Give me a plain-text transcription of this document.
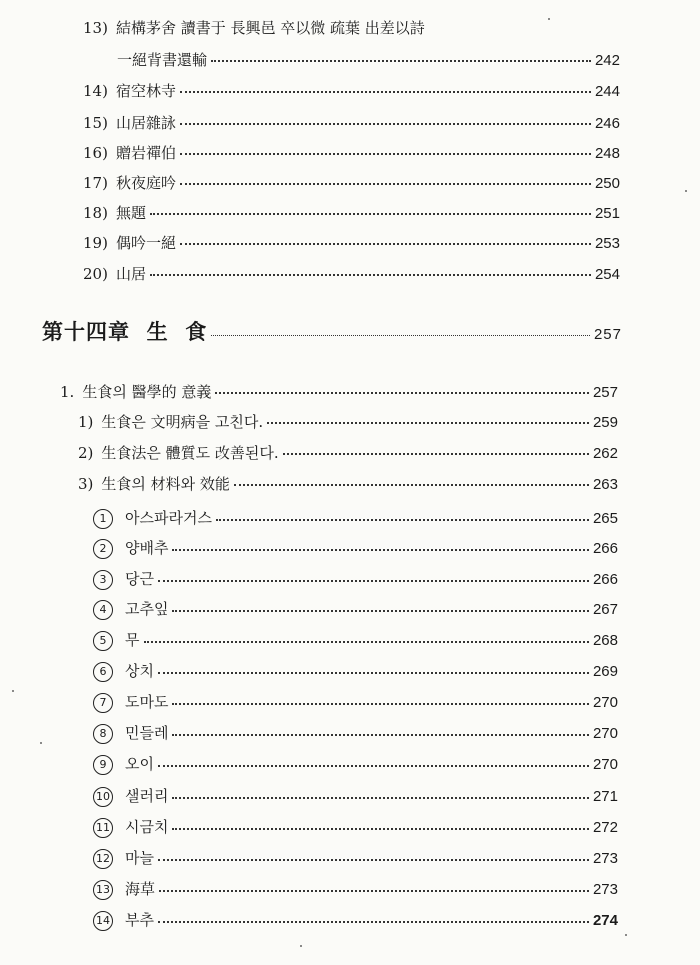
13) 結構茅舍 讀書于 長興邑 卒以微 疏葉 出差以詩
一絕背書還輸	242
14) 宿空林寺	244
15) 山居雜詠	246
16) 贈岩禪伯	248
17) 秋夜庭吟	250
18) 無題	251
19) 偶吟一絕	253
20) 山居	254
第十四章  生  食	257
1. 生食의 醫學的 意義	257
1) 生食은 文明病을 고친다.	259
2) 生食法은 體質도 改善된다.	262
3) 生食의 材料와 效能	263
1	아스파라거스	265
2	양배추	266
3	당근	266
4	고추잎	267
5	무	268
6	상치	269
7	도마도	270
8	민들레	270
9	오이	270
10 샐러리	271
11 시금치	272
12 마늘	273
13 海草	273
14 부추	274
